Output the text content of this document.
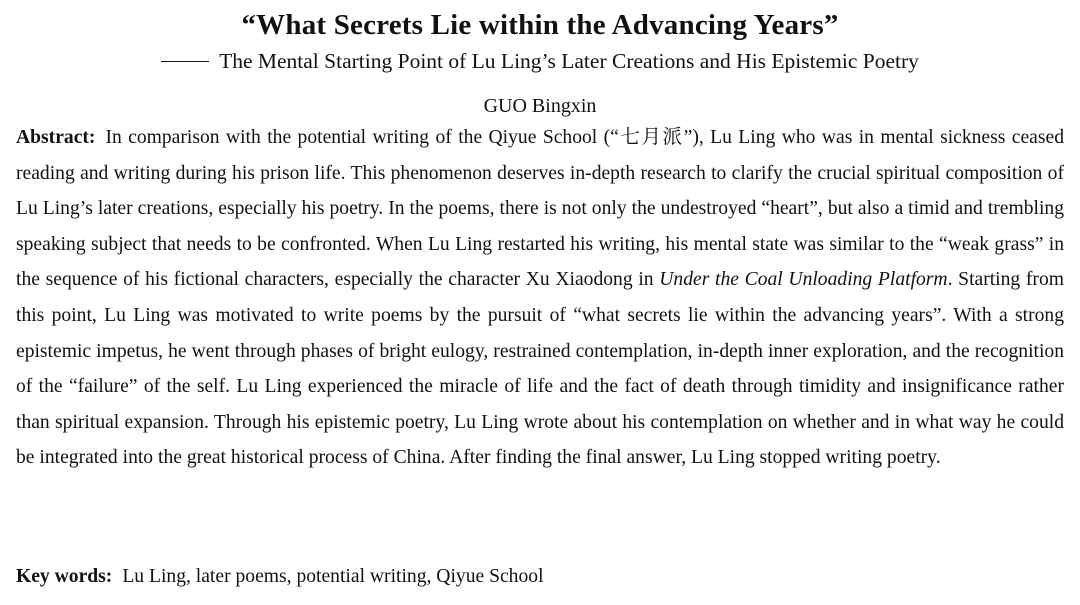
“What Secrets Lie within the Advancing Years”

The Mental Starting Point of Lu Ling’s Later Creations and His Epistemic Poetry

GUO Bingxin

Abstract: In comparison with the potential writing of the Qiyue School (“七月派”), Lu Ling who was in mental sickness ceased reading and writing during his prison life. This phenomenon deserves in-depth research to clarify the crucial spiritual composition of Lu Ling’s later creations, especially his poetry. In the poems, there is not only the undestroyed “heart”, but also a timid and trembling speaking subject that needs to be confronted. When Lu Ling restarted his writing, his mental state was similar to the “weak grass” in the sequence of his fictional characters, especially the character Xu Xiaodong in Under the Coal Unloading Platform. Starting from this point, Lu Ling was motivated to write poems by the pursuit of “what secrets lie within the advancing years”. With a strong epistemic impetus, he went through phases of bright eulogy, restrained contemplation, in-depth inner exploration, and the recognition of the “failure” of the self. Lu Ling experienced the miracle of life and the fact of death through timidity and insignificance rather than spiritual expansion. Through his epistemic poetry, Lu Ling wrote about his contemplation on whether and in what way he could be integrated into the great historical process of China. After finding the final answer, Lu Ling stopped writing poetry.

Key words: Lu Ling, later poems, potential writing, Qiyue School
